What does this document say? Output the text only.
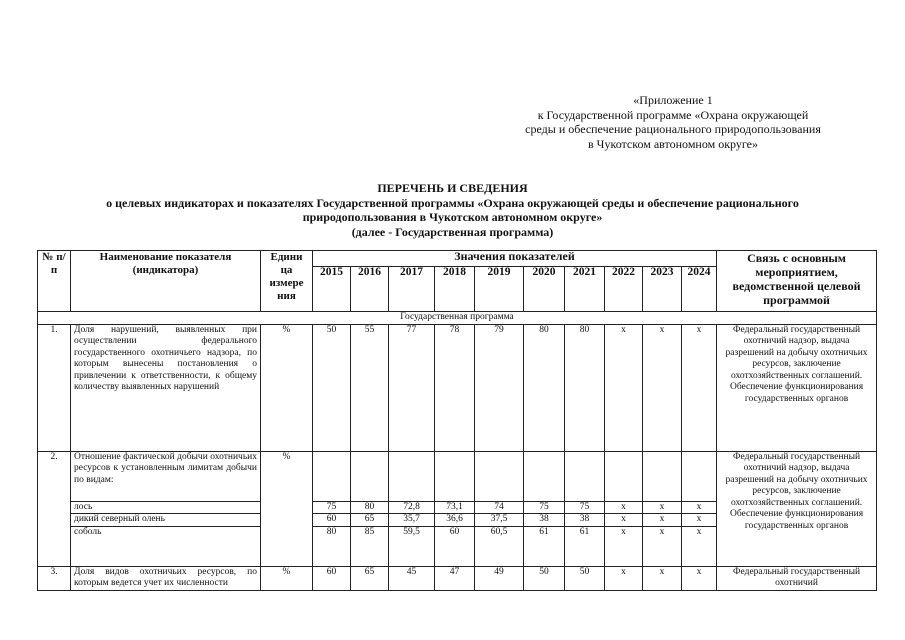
«Приложение 1
к Государственной программе «Охрана окружающей
среды и обеспечение рационального природопользования
в Чукотском автономном округе»
ПЕРЕЧЕНЬ И СВЕДЕНИЯ
о целевых индикаторах и показателях Государственной программы «Охрана окружающей среды и обеспечение рационального
природопользования в Чукотском автономном округе»
(далее - Государственная программа)
№ п/п	Наименование показателя (индикатора)	Едини ца измере ния	Значения показателей										Связь с основным мероприятием, ведомственной целевой программой
			2015	2016	2017	2018	2019	2020	2021	2022	2023	2024	
Государственная программа													
1.	Доля нарушений, выявленных при осуществлении федерального государственного охотничьего надзора, по которым вынесены постановления о привлечении к ответственности, к общему количеству выявленных нарушений	%	50	55	77	78	79	80	80	x	x	x	Федеральный государственный охотничий надзор, выдача разрешений на добычу охотничьих ресурсов, заключение охотхозяйственных соглашений. Обеспечение функционирования государственных органов
2.	Отношение фактической добычи охотничьих ресурсов к установленным лимитам добычи по видам:	%											Федеральный государственный охотничий надзор, выдача разрешений на добычу охотничьих ресурсов, заключение охотхозяйственных соглашений. Обеспечение функционирования государственных органов
	лось		75	80	72,8	73,1	74	75	75	x	x	x	
	дикий северный олень		60	65	35,7	36,6	37,5	38	38	x	x	x	
	соболь		80	85	59,5	60	60,5	61	61	x	x	x	
3.	Доля видов охотничьих ресурсов, по которым ведется учет их численности	%	60	65	45	47	49	50	50	x	x	x	Федеральный государственный охотничий
